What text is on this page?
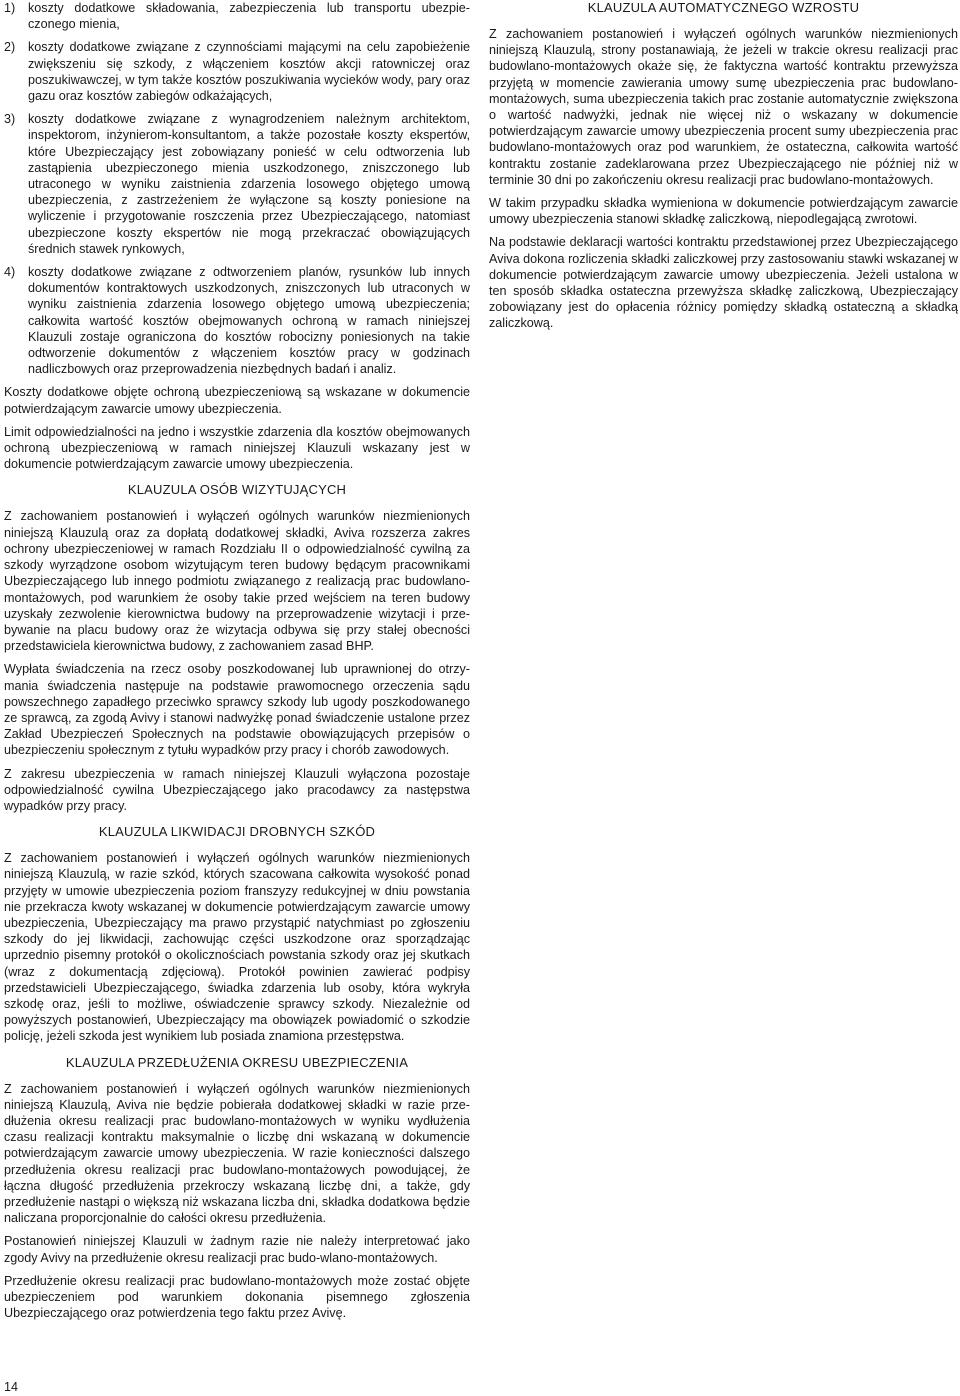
1)	koszty dodatkowe składowania, zabezpieczenia lub transportu ubezpieczonego mienia,
2)	koszty dodatkowe związane z czynnościami mającymi na celu zapobieżenie zwiększeniu się szkody, z włączeniem kosztów akcji ratowniczej oraz poszukiwawczej, w tym także kosztów poszukiwania wycieków wody, pary oraz gazu oraz kosztów zabiegów odkażających,
3)	koszty dodatkowe związane z wynagrodzeniem należnym architektom, inspektorom, inżynierom-konsultantom, a także pozostałe koszty ekspertów, które Ubezpieczający jest zobowiązany ponieść w celu odtworzenia lub zastąpienia ubezpieczonego mienia uszkodzonego, zniszczonego lub utraconego w wyniku zaistnienia zdarzenia losowego objętego umową ubezpieczenia, z zastrzeżeniem że wyłączone są koszty poniesione na wyliczenie i przygotowanie roszczenia przez Ubezpieczającego, natomiast ubezpieczone koszty ekspertów nie mogą przekraczać obowiązujących średnich stawek rynkowych,
4)	koszty dodatkowe związane z odtworzeniem planów, rysunków lub innych dokumentów kontraktowych uszkodzonych, zniszczonych lub utraconych w wyniku zaistnienia zdarzenia losowego objętego umową ubezpieczenia; całkowita wartość kosztów obejmowanych ochroną w ramach niniejszej Klauzuli zostaje ograniczona do kosztów robocizny poniesionych na takie odtworzenie dokumentów z włączeniem kosztów pracy w godzinach nadliczbowych oraz przeprowadzenia niezbędnych badań i analiz.

Koszty dodatkowe objęte ochroną ubezpieczeniową są wskazane w dokumencie potwierdzającym zawarcie umowy ubezpieczenia.

Limit odpowiedzialności na jedno i wszystkie zdarzenia dla kosztów obejmowanych ochroną ubezpieczeniową w ramach niniejszej Klauzuli wskazany jest w dokumencie potwierdzającym zawarcie umowy ubezpieczenia.

KLAUZULA OSÓB WIZYTUJĄCYCH

Z zachowaniem postanowień i wyłączeń ogólnych warunków niezmienionych niniejszą Klauzulą oraz za dopłatą dodatkowej składki, Aviva rozszerza zakres ochrony ubezpieczeniowej w ramach Rozdziału II o odpowiedzialność cywilną za szkody wyrządzone osobom wizytującym teren budowy będącym pracownikami Ubezpieczającego lub innego podmiotu związanego z realizacją prac budowlano-montażowych, pod warunkiem że osoby takie przed wejściem na teren budowy uzyskały zezwolenie kierownictwa budowy na przeprowadzenie wizytacji i przebywanie na placu budowy oraz że wizytacja odbywa się przy stałej obecności przedstawiciela kierownictwa budowy, z zachowaniem zasad BHP.

Wypłata świadczenia na rzecz osoby poszkodowanej lub uprawnionej do otrzymania świadczenia następuje na podstawie prawomocnego orzeczenia sądu powszechnego zapadłego przeciwko sprawcy szkody lub ugody poszkodowanego ze sprawcą, za zgodą Avivy i stanowi nadwyżkę ponad świadczenie ustalone przez Zakład Ubezpieczeń Społecznych na podstawie obowiązujących przepisów o ubezpieczeniu społecznym z tytułu wypadków przy pracy i chorób zawodowych.

Z zakresu ubezpieczenia w ramach niniejszej Klauzuli wyłączona pozostaje odpowiedzialność cywilna Ubezpieczającego jako pracodawcy za następstwa wypadków przy pracy.

KLAUZULA LIKWIDACJI DROBNYCH SZKÓD

Z zachowaniem postanowień i wyłączeń ogólnych warunków niezmienionych niniejszą Klauzulą, w razie szkód, których szacowana całkowita wysokość ponad przyjęty w umowie ubezpieczenia poziom franszyzy redukcyjnej w dniu powstania nie przekracza kwoty wskazanej w dokumencie potwierdzającym zawarcie umowy ubezpieczenia, Ubezpieczający ma prawo przystąpić natychmiast po zgłoszeniu szkody do jej likwidacji, zachowując części uszkodzone oraz sporządzając uprzednio pisemny protokół o okolicznościach powstania szkody oraz jej skutkach (wraz z dokumentacją zdjęciową). Protokół powinien zawierać podpisy przedstawicieli Ubezpieczającego, świadka zdarzenia lub osoby, która wykryła szkodę oraz, jeśli to możliwe, oświadczenie sprawcy szkody. Niezależnie od powyższych postanowień, Ubezpieczający ma obowiązek powiadomić o szkodzie policję, jeżeli szkoda jest wynikiem lub posiada znamiona przestępstwa.

KLAUZULA PRZEDŁUŻENIA OKRESU UBEZPIECZENIA

Z zachowaniem postanowień i wyłączeń ogólnych warunków niezmienionych niniejszą Klauzulą, Aviva nie będzie pobierała dodatkowej składki w razie przedłużenia okresu realizacji prac budowlano-montażowych w wyniku wydłużenia czasu realizacji kontraktu maksymalnie o liczbę dni wskazaną w dokumencie potwierdzającym zawarcie umowy ubezpieczenia. W razie konieczności dalszego przedłużenia okresu realizacji prac budowlano-montażowych powodującej, że łączna długość przedłużenia przekroczy wskazaną liczbę dni, a także, gdy przedłużenie nastąpi o większą niż wskazana liczba dni, składka dodatkowa będzie naliczana proporcjonalnie do całości okresu przedłużenia.

Postanowień niniejszej Klauzuli w żadnym razie nie należy interpretować jako zgody Avivy na przedłużenie okresu realizacji prac budo-wlano-montażowych.

Przedłużenie okresu realizacji prac budowlano-montażowych może zostać objęte ubezpieczeniem pod warunkiem dokonania pisemnego zgłoszenia Ubezpieczającego oraz potwierdzenia tego faktu przez Avivę.

KLAUZULA AUTOMATYCZNEGO WZROSTU

Z zachowaniem postanowień i wyłączeń ogólnych warunków niezmienionych niniejszą Klauzulą, strony postanawiają, że jeżeli w trakcie okresu realizacji prac budowlano-montażowych okaże się, że faktyczna wartość kontraktu przewyższa przyjętą w momencie zawierania umowy sumę ubezpieczenia prac budowlano-montażowych, suma ubezpieczenia takich prac zostanie automatycznie zwiększona o wartość nadwyżki, jednak nie więcej niż o wskazany w dokumencie potwierdzającym zawarcie umowy ubezpieczenia procent sumy ubezpieczenia prac budowlano-montażowych oraz pod warunkiem, że ostateczna, całkowita wartość kontraktu zostanie zadeklarowana przez Ubezpieczającego nie później niż w terminie 30 dni po zakończeniu okresu realizacji prac budowlano-montażowych.

W takim przypadku składka wymieniona w dokumencie potwierdzającym zawarcie umowy ubezpieczenia stanowi składkę zaliczkową, niepodlegającą zwrotowi.

Na podstawie deklaracji wartości kontraktu przedstawionej przez Ubezpieczającego Aviva dokona rozliczenia składki zaliczkowej przy zastosowaniu stawki wskazanej w dokumencie potwierdzającym zawarcie umowy ubezpieczenia. Jeżeli ustalona w ten sposób składka ostateczna przewyższa składkę zaliczkową, Ubezpieczający zobowiązany jest do opłacenia różnicy pomiędzy składką ostateczną a składką zaliczkową.

14
